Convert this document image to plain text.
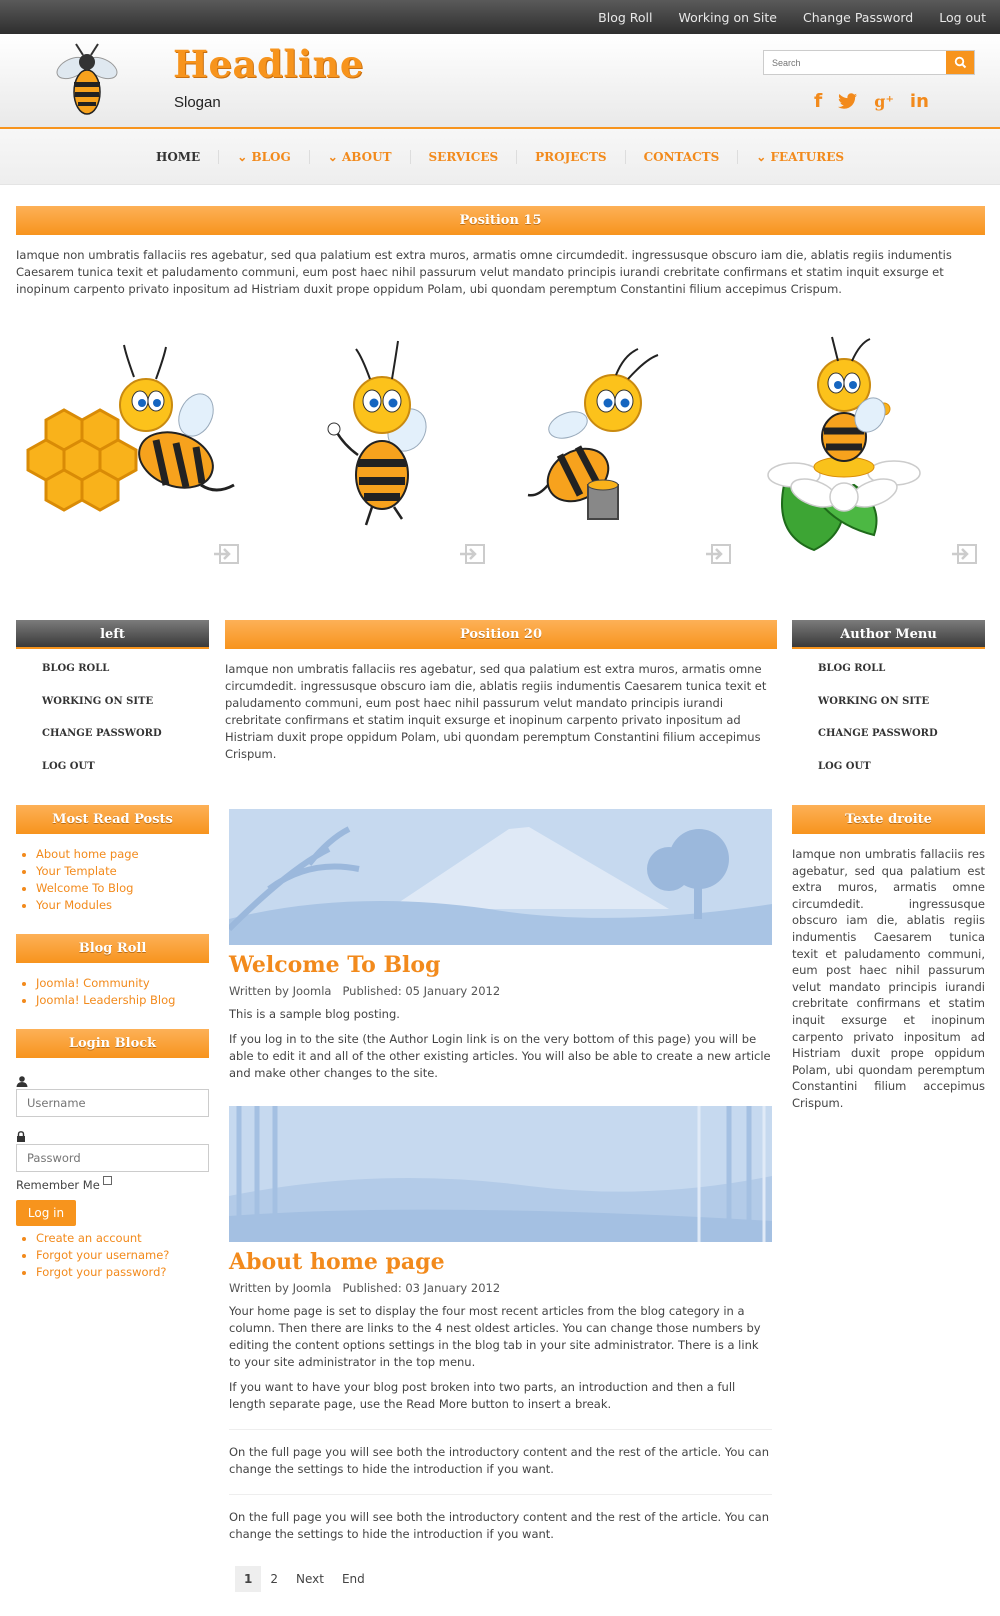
Blog Roll Working on Site Change Password Log out
Headline
Slogan
Search	f	g⁺ in
HOME	⌄ BLOG	⌄ ABOUT	SERVICES	PROJECTS	CONTACTS	⌄ FEATURES
Position 15

Iamque non umbratis fallaciis res agebatur, sed qua palatium est extra muros, armatis omne circumdedit. ingressusque obscuro iam die, ablatis regiis indumentis Caesarem tunica texit et paludamento communi, eum post haec nihil passurum velut mandato principis iurandi crebritate confirmans et statim inquit exsurge et inopinum carpento privato inpositum ad Histriam duxit prope oppidum Polam, ubi quondam peremptum Constantini filium accepimus Crispum.

left
BLOG ROLL
WORKING ON SITE
CHANGE PASSWORD
LOG OUT
Most Read Posts
• About home page
• Your Template
• Welcome To Blog
• Your Modules
Blog Roll
• Joomla! Community
• Joomla! Leadership Blog
Login Block
Username
Remember Me
Log in
• Create an account
• Forgot your username?
• Forgot your password?
Position 20

Iamque non umbratis fallaciis res agebatur, sed qua palatium est extra muros, armatis omne circumdedit. ingressusque obscuro iam die, ablatis regiis indumentis Caesarem tunica texit et paludamento communi, eum post haec nihil passurum velut mandato principis iurandi crebritate confirmans et statim inquit exsurge et inopinum carpento privato inpositum ad Histriam duxit prope oppidum Polam, ubi quondam peremptum Constantini filium accepimus Crispum.

Welcome To Blog
Written by Joomla Published: 05 January 2012

This is a sample blog posting.

If you log in to the site (the Author Login link is on the very bottom of this page) you will be able to edit it and all of the other existing articles. You will also be able to create a new article and make other changes to the site.

About home page
Written by Joomla Published: 03 January 2012

Your home page is set to display the four most recent articles from the blog category in a column. Then there are links to the 4 nest oldest articles. You can change those numbers by editing the content options settings in the blog tab in your site administrator. There is a link to your site administrator in the top menu.

If you want to have your blog post broken into two parts, an introduction and then a full length separate page, use the Read More button to insert a break.

On the full page you will see both the introductory content and the rest of the article. You can change the settings to hide the introduction if you want.

On the full page you will see both the introductory content and the rest of the article. You can change the settings to hide the introduction if you want.

1	2	Next	End
Author Menu
BLOG ROLL
WORKING ON SITE
CHANGE PASSWORD
LOG OUT
Texte droite
Iamque non umbratis fallaciis res agebatur, sed qua palatium est extra muros, armatis omne circumdedit. ingressusque obscuro iam die, ablatis regiis indumentis Caesarem tunica texit et paludamento communi, eum post haec nihil passurum velut mandato principis iurandi crebritate confirmans et statim inquit exsurge et inopinum carpento privato inpositum ad Histriam duxit prope oppidum Polam, ubi quondam peremptum Constantini filium accepimus Crispum.
